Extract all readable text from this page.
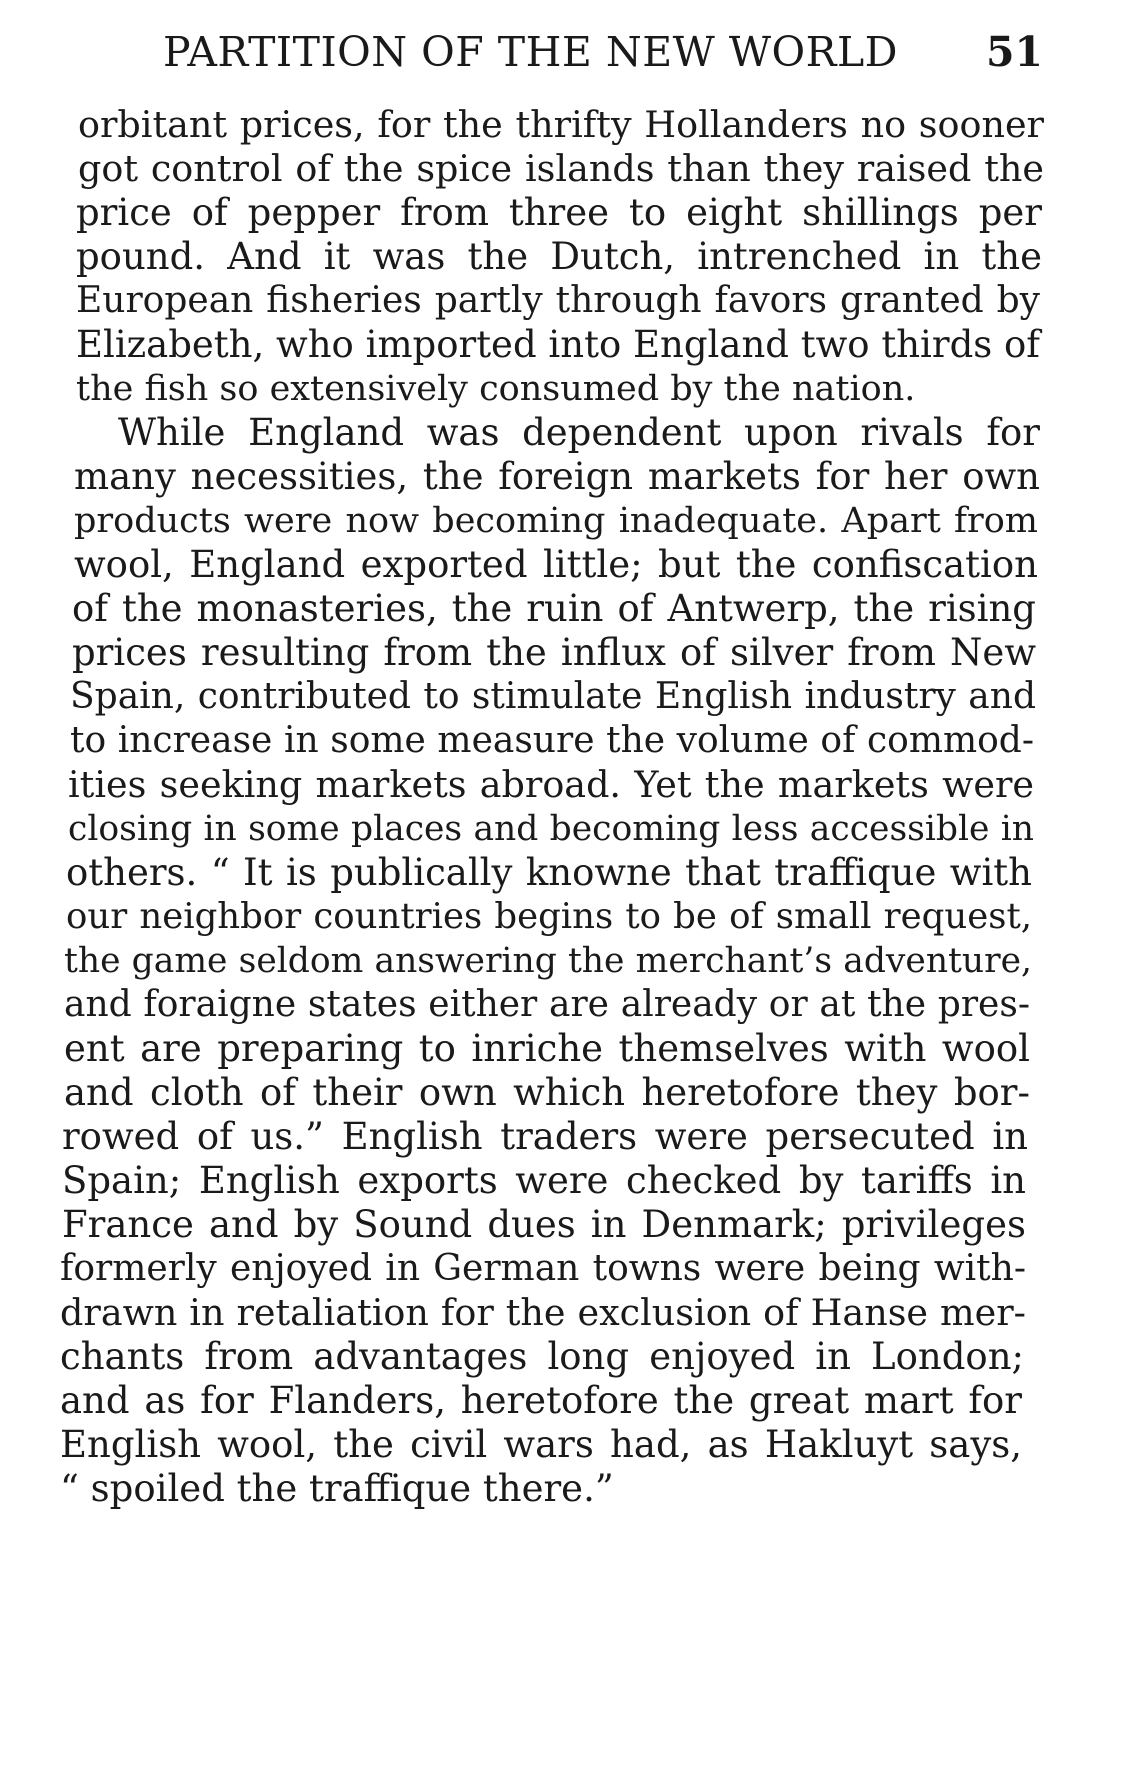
PARTITION OF THE NEW WORLD 51
orbitant prices, for the thrifty Hollanders no sooner
got control of the spice islands than they raised the
price of pepper from three to eight shillings per
pound. And it was the Dutch, intrenched in the
European fisheries partly through favors granted by
Elizabeth, who imported into England two thirds of
the fish so extensively consumed by the nation.
While England was dependent upon rivals for
many necessities, the foreign markets for her own
products were now becoming inadequate. Apart from
wool, England exported little; but the confiscation
of the monasteries, the ruin of Antwerp, the rising
prices resulting from the influx of silver from New
Spain, contributed to stimulate English industry and
to increase in some measure the volume of commod-
ities seeking markets abroad. Yet the markets were
closing in some places and becoming less accessible in
others. “ It is publically knowne that traffique with
our neighbor countries begins to be of small request,
the game seldom answering the merchant’s adventure,
and foraigne states either are already or at the pres-
ent are preparing to inriche themselves with wool
and cloth of their own which heretofore they bor-
rowed of us.” English traders were persecuted in
Spain; English exports were checked by tariffs in
France and by Sound dues in Denmark; privileges
formerly enjoyed in German towns were being with-
drawn in retaliation for the exclusion of Hanse mer-
chants from advantages long enjoyed in London;
and as for Flanders, heretofore the great mart for
English wool, the civil wars had, as Hakluyt says,
“ spoiled the traffique there.”
